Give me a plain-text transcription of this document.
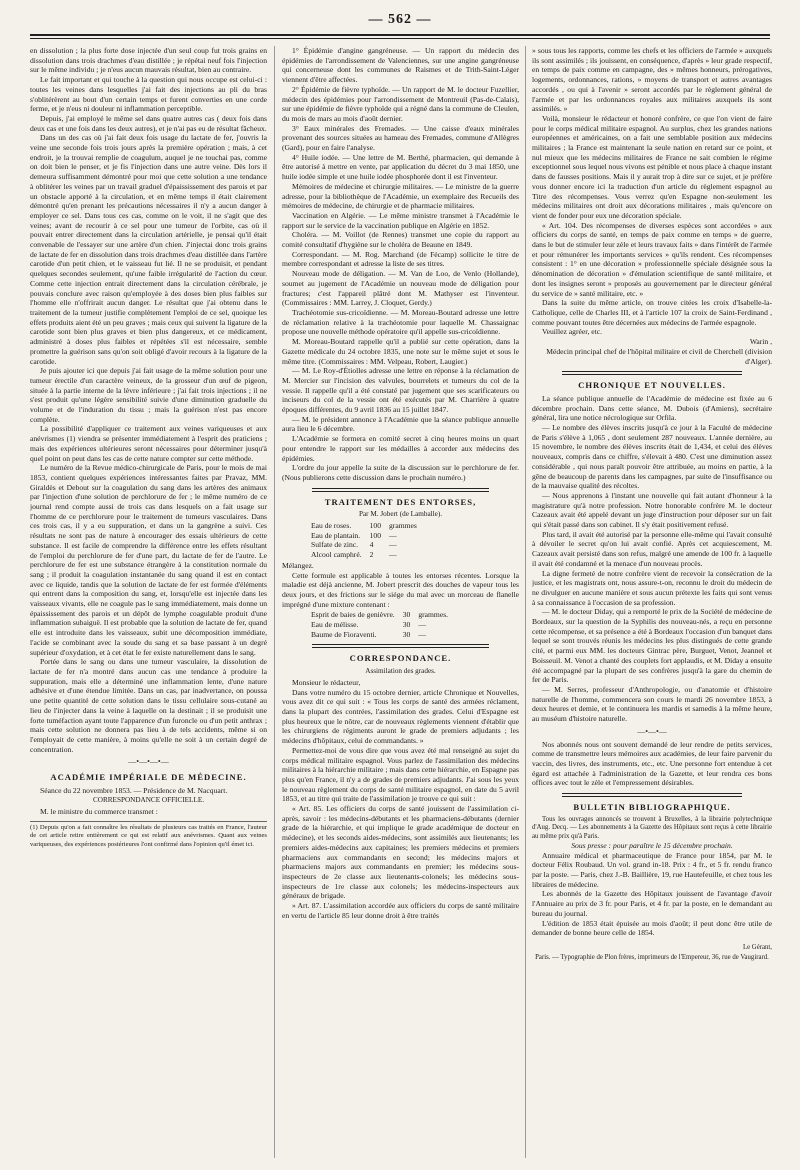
— 562 —

en dissolution ; la plus forte dose injectée d'un seul coup fut trois grains en dissolution dans trois drachmes d'eau distillée ; je répétai neuf fois l'injection sur le même individu ; je n'eus aucun mauvais résultat, bien au contraire.

Le fait important et qui touche à la question qui nous occupe est celui-ci : toutes les veines dans lesquelles j'ai fait des injections au pli du bras s'oblitérèrent au bout d'un certain temps et furent converties en une corde ferme, et je n'eus ni douleur ni inflammation perceptible.

Depuis, j'ai employé le même sel dans quatre autres cas ( deux fois dans deux cas et une fois dans les deux autres), et je n'ai pas eu de résultat fâcheux.

Dans un des cas où j'ai fait deux fois usage du lactate de fer, j'ouvris la veine une seconde fois trois jours après la première opération ; mais, à cet endroit, je la trouvai remplie de coagulum, auquel je ne touchai pas, comme on doit bien le penser, et je fis l'injection dans une autre veine. Dès lors il demeura suffisamment démontré pour moi que cette solution a une tendance à oblitérer les veines par un travail graduel d'épaississement des parois et par un obstacle apporté à la circulation, et en même temps il était clairement démontré qu'en prenant les précautions nécessaires il n'y a aucun danger à employer ce sel. Dans tous ces cas, comme on le voit, il ne s'agit que des veines; avant de recourir à ce sel pour une tumeur de l'orbite, cas où il pouvait entrer directement dans la circulation artérielle, je pensai qu'il était convenable de l'essayer sur une artère d'un chien. J'injectai donc trois grains de lactate de fer en dissolution dans trois drachmes d'eau distillée dans l'artère carotide d'un petit chien, et le vaisseau fut lié. Il ne se produisit, et pendant quelques secondes seulement, qu'une faible irrégularité de l'action du cœur. Comme cette injection entrait directement dans la circulation cérébrale, je pouvais conclure avec raison qu'employée à des doses bien plus faibles sur l'homme elle n'offrirait aucun danger. Le résultat que j'ai obtenu dans le traitement de la tumeur justifie complètement l'emploi de ce sel, quoique les effets produits aient été un peu graves ; mais ceux qui suivent la ligature de la carotide sont bien plus graves et bien plus dangereux, et ce médicament, administré à doses plus faibles et répétées s'il est nécessaire, semble promettre la guérison sans qu'on soit obligé d'avoir recours à la ligature de la carotide.

Je puis ajouter ici que depuis j'ai fait usage de la même solution pour une tumeur érectile d'un caractère veineux, de la grosseur d'un œuf de pigeon, située à la partie interne de la lèvre inférieure ; j'ai fait trois injections ; il ne s'est produit qu'une légère sensibilité suivie d'une diminution graduelle du volume et de l'induration du tissu ; mais la guérison n'est pas encore complète.

La possibilité d'appliquer ce traitement aux veines variqueuses et aux anévrismes (1) viendra se présenter immédiatement à l'esprit des praticiens ; mais des expériences ultérieures seront nécessaires pour déterminer jusqu'à quel point on peut dans les cas de cette nature compter sur cette méthode.

Le numéro de la Revue médico-chirurgicale de Paris, pour le mois de mai 1853, contient quelques expériences intéressantes faites par Pravaz, MM. Giraldès et Debout sur la coagulation du sang dans les artères des animaux par l'injection d'une solution de perchlorure de fer ; le même numéro de ce journal rend compte aussi de trois cas dans lesquels on a fait usage sur l'homme de ce perchlorure pour le traitement de tumeurs vasculaires. Dans ces trois cas, il y a eu suppuration, et dans un la gangrène a suivi. Ces résultats ne sont pas de nature à encourager des essais ultérieurs de cette substance. Il est facile de comprendre la différence entre les effets résultant de l'emploi du perchlorure de fer d'une part, du lactate de fer de l'autre. Le perchlorure de fer est une substance étrangère à la constitution normale du sang ; il produit la coagulation instantanée du sang quand il est en contact avec ce liquide, tandis que la solution de lactate de fer est formée d'éléments qui entrent dans la composition du sang, et, lorsqu'elle est injectée dans les vaisseaux vivants, elle ne coagule pas le sang immédiatement, mais donne un épaississement des parois et un dépôt de lymphe coagulable produit d'une inflammation subaiguë. Il est probable que la solution de lactate de fer, quand elle est introduite dans les vaisseaux, subit une décomposition immédiate, l'acide se combinant avec la soude du sang et sa base passant à un degré supérieur d'oxydation, et à cet état le fer existe naturellement dans le sang.

Portée dans le sang ou dans une tumeur vasculaire, la dissolution de lactate de fer n'a montré dans aucun cas une tendance à produire la suppuration, mais elle a déterminé une inflammation lente, d'une nature adhésive et d'une étendue limitée. Dans un cas, par inadvertance, on poussa une petite quantité de cette solution dans le tissu cellulaire sous-cutané au lieu de l'injecter dans la veine à laquelle on la destinait ; il se produisit une forte tuméfaction ayant toute l'apparence d'un furoncle ou d'un petit anthrax ; mais cette solution ne donnera pas lieu à de tels accidents, même si on l'employait de cette manière, à moins qu'elle ne soit à un certain degré de concentration.

—•—•—•—
ACADÉMIE IMPÉRIALE DE MÉDECINE.

Séance du 22 novembre 1853. — Présidence de M. Nacquart.

CORRESPONDANCE OFFICIELLE.

M. le ministre du commerce transmet :

(1) Depuis qu'on a fait connaître les résultats de plusieurs cas traités en France, l'auteur de cet article retire entièrement ce qui est relatif aux anévrismes. Quant aux veines variqueuses, des expériences postérieures l'ont confirmé dans l'opinion qu'il émet ici.

1° Épidémie d'angine gangréneuse. — Un rapport du médecin des épidémies de l'arrondissement de Valenciennes, sur une angine gangréneuse qui concerneuse dont les communes de Raismes et de Trith-Saint-Léger viennent d'être affectées.

2° Épidémie de fièvre typhoïde. — Un rapport de M. le docteur Fuzellier, médecin des épidémies pour l'arrondissement de Montreuil (Pas-de-Calais), sur une épidémie de fièvre typhoïde qui a régné dans la commune de Cleulen, du mois de mars au mois d'août dernier.

3° Eaux minérales des Fremades. — Une caisse d'eaux minérales provenant des sources situées au hameau des Fremades, commune d'Allègres (Gard), pour en faire l'analyse.

4° Huile iodée. — Une lettre de M. Berthé, pharmacien, qui demande à être autorisé à mettre en vente, par application du décret du 3 mai 1850, une huile iodée simple et une huile iodée phosphorée dont il est l'inventeur.

Mémoires de médecine et chirurgie militaires. — Le ministre de la guerre adresse, pour la bibliothèque de l'Académie, un exemplaire des Recueils des mémoires de médecine, de chirurgie et de pharmacie militaires.

Vaccination en Algérie. — Le même ministre transmet à l'Académie le rapport sur le service de la vaccination publique en Algérie en 1852.

Choléra. — M. Voillot (de Rennes) transmet une copie du rapport au comité consultatif d'hygiène sur le choléra de Beaune en 1849.

Correspondant. — M. Rog. Marchand (de Fécamp) sollicite le titre de membre correspondant et adresse la liste de ses titres.

Nouveau mode de déligation. — M. Van de Loo, de Venlo (Hollande), soumet au jugement de l'Académie un nouveau mode de déligation pour fractures; c'est l'appareil plâtré dont M. Mathyser est l'inventeur. (Commissaires : MM. Larrey, J. Cloquet, Gerdy.)

Trachéotomie sus-cricoïdienne. — M. Moreau-Boutard adresse une lettre de réclamation relative à la trachéotomie pour laquelle M. Chassaignac propose une nouvelle méthode opératoire qu'il appelle sus-cricoïdienne.

M. Moreau-Boutard rappelle qu'il a publié sur cette opération, dans la Gazette médicale du 24 octobre 1835, une note sur le même sujet et sous le même titre. (Commissaires : MM. Velpeau, Robert, Laugier.)

— M. Le Roy-d'Étiolles adresse une lettre en réponse à la réclamation de M. Mercier sur l'incision des valvules, bourrelets et tumeurs du col de la vessie. Il rappelle qu'il a été constaté par jugement que ses scarificateurs ou inciseurs du col de la vessie ont été exécutés par M. Charrière à quatre époques différentes, du 9 avril 1836 au 15 juillet 1847.

— M. le président annonce à l'Académie que la séance publique annuelle aura lieu le 6 décembre.

L'Académie se formera en comité secret à cinq heures moins un quart pour entendre le rapport sur les médailles à accorder aux médecins des épidémies.

L'ordre du jour appelle la suite de la discussion sur le perchlorure de fer. (Nous publierons cette discussion dans le prochain numéro.)

TRAITEMENT DES ENTORSES,
Par M. Jobert (de Lamballe).
Eau de roses.	100	grammes
Eau de plantain.	100	—
Sulfate de zinc.	4	—
Alcool camphré.	2	—

Mélangez.

Cette formule est applicable à toutes les entorses récentes. Lorsque la maladie est déjà ancienne, M. Jobert prescrit des douches de vapeur tous les deux jours, et des frictions sur le siége du mal avec un morceau de flanelle imprégné d'une mixture contenant :

Esprit de baies de genièvre.	30	grammes.
Eau de mélisse.	30	—
Baume de Fioraventi.	30	—
CORRESPONDANCE.
Assimilation des grades.

Monsieur le rédacteur,

Dans votre numéro du 15 octobre dernier, article Chronique et Nouvelles, vous avez dit ce qui suit : « Tous les corps de santé des armées réclament, dans la plupart des contrées, l'assimilation des grades. Celui d'Espagne est plus heureux que le nôtre, car de nouveaux règlements viennent d'établir que les chirurgiens de régiments auront le grade de premiers adjudants ; les médecins d'hôpitaux, celui de commandants. »

Permettez-moi de vous dire que vous avez été mal renseigné au sujet du corps médical militaire espagnol. Vous parlez de l'assimilation des médecins militaires à la hiérarchie militaire ; mais dans cette hiérarchie, en Espagne pas plus qu'en France, il n'y a de grades de premiers adjudants. J'ai sous les yeux le nouveau règlement du corps de santé militaire espagnol, en date du 5 avril 1853, et au titre qui traite de l'assimilation je trouve ce qui suit :

« Art. 85. Les officiers du corps de santé jouissent de l'assimilation ci-après, savoir : les médecins-débutants et les pharmaciens-débutants (dernier grade de la hiérarchie, et qui implique le grade académique de docteur en médecine), et les seconds aides-médecins, sont assimilés aux lieutenants; les premiers aides-médecins aux capitaines; les premiers médecins et premiers pharmaciens aux commandants en second; les médecins majors et pharmaciens majors aux commandants en premier; les médecins sous-inspecteurs de 2e classe aux lieutenants-colonels; les médecins sous-inspecteurs de 1re classe aux colonels; les médecins-inspecteurs aux généraux de brigade.

» Art. 87. L'assimilation accordée aux officiers du corps de santé militaire en vertu de l'article 85 leur donne droit à être traités

» sous tous les rapports, comme les chefs et les officiers de l'armée » auxquels ils sont assimilés ; ils jouissent, en conséquence, d'après » leur grade respectif, en temps de paix comme en campagne, des » mêmes honneurs, prérogatives, logements, ordonnances, rations, » moyens de transport et autres avantages accordés , ou qui à l'avenir » seront accordés par le règlement général de l'armée et par les ordonnances royales aux militaires auxquels ils sont assimilés. »

Voilà, monsieur le rédacteur et honoré confrère, ce que l'on vient de faire pour le corps médical militaire espagnol. Au surplus, chez les grandes nations européennes et américaines, on a fait une semblable position aux médecins militaires ; la France est maintenant la seule nation en retard sur ce point, et nul mieux que les médecins militaires de France ne sait combien le régime exceptionnel sous lequel nous vivons est pénible et nous place à chaque instant dans de fausses positions. Mais il y aurait trop à dire sur ce sujet, et je préfère vous donner encore ici la traduction d'un article du règlement espagnol au Titre des récompenses. Vous verrez qu'en Espagne non-seulement les médecins militaires ont droit aux décorations militaires , mais qu'encore on vient de fonder pour eux une décoration spéciale.

« Art. 104. Des récompenses de diverses espèces sont accordées » aux officiers du corps de santé, en temps de paix comme en temps » de guerre, dans le but de stimuler leur zèle et leurs travaux faits » dans l'intérêt de l'armée et pour rémunérer les importants services » qu'ils rendent. Ces récompenses consistent : 1° en une décoration » professionnelle spéciale désignée sous la dénomination de décoration » d'émulation scientifique de santé militaire, et dont les insignes seront » proposés au gouvernement par le directeur général du service de » santé militaire, etc. »

Dans la suite du même article, on trouve citées les croix d'Isabelle-la-Catholique, celle de Charles III, et à l'article 107 la croix de Saint-Ferdinand , comme pouvant toutes être décernées aux médecins de l'armée espagnole.

Veuillez agréer, etc.

Warin ,
Médecin principal chef de l'hôpital militaire et civil de Cherchell (division d'Alger).
CHRONIQUE ET NOUVELLES.

La séance publique annuelle de l'Académie de médecine est fixée au 6 décembre prochain. Dans cette séance, M. Dubois (d'Amiens), secrétaire général, lira une notice nécrologique sur Orfila.

— Le nombre des élèves inscrits jusqu'à ce jour à la Faculté de médecine de Paris s'élève à 1,065 , dont seulement 287 nouveaux. L'année dernière, au 15 novembre, le nombre des élèves inscrits était de 1,434, et celui des élèves nouveaux, compris dans ce chiffre, s'élevait à 480. C'est une diminution assez considérable , qui nous paraît pouvoir être attribuée, au moins en partie, à la gêne de beaucoup de parents dans les campagnes, par suite de l'insuffisance ou de la mauvaise qualité des récoltes.

— Nous apprenons à l'instant une nouvelle qui fait autant d'honneur à la magistrature qu'à notre profession. Notre honorable confrère M. le docteur Cazeaux avait été appelé devant un juge d'instruction pour déposer sur un fait qui s'était passé dans son cabinet. Il s'y était positivement refusé.

Plus tard, il avait été autorisé par la personne elle-même qui l'avait consulté à dévoiler le secret qu'on lui avait confié. Après cet acquiescement, M. Cazeaux avait persisté dans son refus, malgré une amende de 100 fr. à laquelle il avait été condamné et la menace d'un nouveau procès.

La digne fermeté de notre confrère vient de recevoir la consécration de la justice, et les magistrats ont, nous assure-t-on, reconnu le droit du médecin de ne divulguer en aucune manière et sous aucun prétexte les faits qui sont venus à sa connaissance à l'occasion de sa profession.

— M. le docteur Diday, qui a remporté le prix de la Société de médecine de Bordeaux, sur la question de la Syphilis des nouveau-nés, a reçu en personne cette récompense, et sa présence a été à Bordeaux l'occasion d'un banquet dans lequel se sont trouvés réunis les médecins les plus distingués de cette grande cité, et parmi eux MM. les docteurs Gintrac père, Burguet, Venot, Jeannel et Boisseuil. M. Venot a chanté des couplets fort applaudis, et M. Diday a ensuite été accompagné par la plupart de ses confrères jusqu'à la gare du chemin de fer de Paris.

— M. Serres, professeur d'Anthropologie, ou d'anatomie et d'histoire naturelle de l'homme, commencera son cours le mardi 26 novembre 1853, à deux heures et demie, et le continuera les mardis et samedis à la même heure, au muséum d'histoire naturelle.

—•—•—

Nos abonnés nous ont souvent demandé de leur rendre de petits services, comme de transmettre leurs mémoires aux académies, de leur faire parvenir du vaccin, des livres, des instruments, etc., etc. Une personne fort entendue à cet égard est attachée à l'administration de la Gazette, et leur rendra ces bons offices avec tout le zèle et l'empressement désirables.

BULLETIN BIBLIOGRAPHIQUE.

Tous les ouvrages annoncés se trouvent à Bruxelles, à la librairie polytechnique d'Aug. Decq. — Les abonnements à la Gazette des Hôpitaux sont reçus à cette librairie au même prix qu'à Paris.

Sous presse : pour paraître le 15 décembre prochain.

Annuaire médical et pharmaceutique de France pour 1854, par M. le docteur Félix Roubaud. Un vol. grand in-18. Prix : 4 fr., et 5 fr. rendu franco par la poste. — Paris, chez J.-B. Baillière, 19, rue Hautefeuille, et chez tous les libraires de médecine.

Les abonnés de la Gazette des Hôpitaux jouissent de l'avantage d'avoir l'Annuaire au prix de 3 fr. pour Paris, et 4 fr. par la poste, en le demandant au bureau du journal.

L'édition de 1853 était épuisée au mois d'août; il peut donc être utile de demander de bonne heure celle de 1854.

Le Gérant,
Paris. — Typographie de Plon frères, imprimeurs de l'Empereur, 36, rue de Vaugirard.
